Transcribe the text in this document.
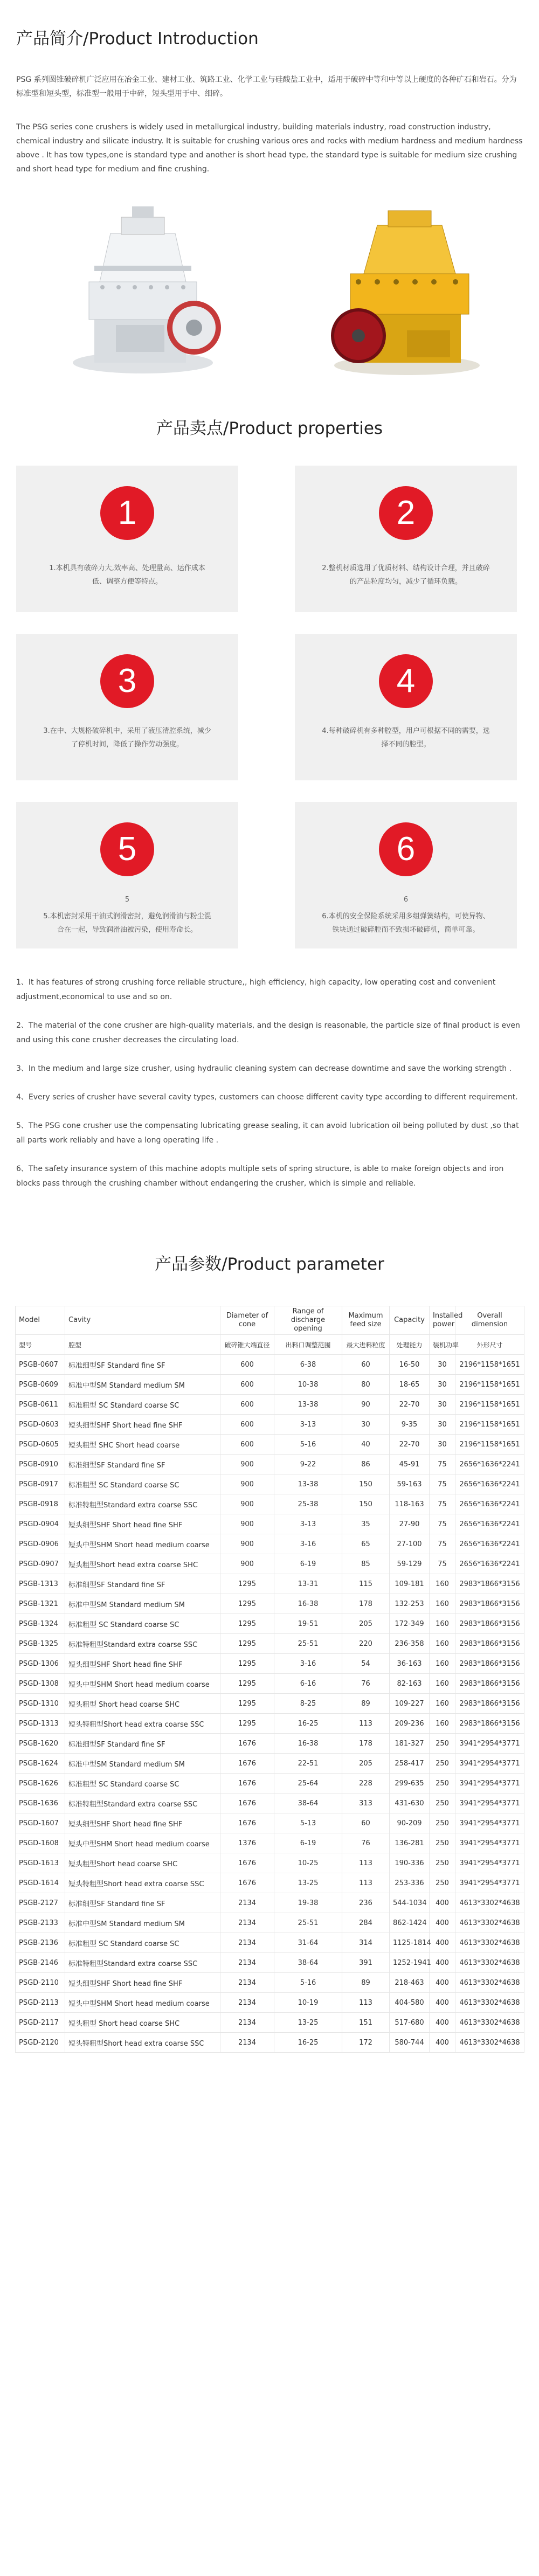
产品简介/Product Introduction

PSG 系列圆锥破碎机广泛应用在冶金工业、建材工业、筑路工业、化学工业与硅酸盐工业中，适用于破碎中等和中等以上硬度的各种矿石和岩石。分为标准型和短头型，标准型一般用于中碎，短头型用于中、细碎。

The PSG series cone crushers is widely used in metallurgical industry, building materials industry, road construction industry, chemical industry and silicate industry. It is suitable for crushing various ores and rocks with medium hardness and medium hardness above . It has tow types,one is standard type and another is short head type, the standard type is suitable for medium size crushing and short head type for medium and fine crushing.

产品卖点/Product properties
1
1.本机具有破碎力大,效率高、处理量高、运作成本低、调整方便等特点。
2
2.整机材质选用了优质材料、结构设计合理，并且破碎的产品粒度均匀，减少了循环负载。
3
3.在中、大规格破碎机中，采用了液压清腔系统，减少了停机时间，降低了操作劳动强度。
4
4.每种破碎机有多种腔型，用户可根据不同的需要，选择不同的腔型。
5
5
5.本机密封采用干油式润滑密封，避免润滑油与粉尘混合在一起，导致润滑油被污染，使用寿命长。
6
6
6.本机的安全保险系统采用多组弹簧结构，可使异物、铁块通过破碎腔而不致损坏破碎机，简单可靠。

1、It has features of strong crushing force reliable structure,, high efficiency, high capacity, low operating cost and convenient adjustment,economical to use and so on.

2、The material of the cone crusher are high-quality materials, and the design is reasonable, the particle size of final product is even and using this cone crusher decreases the circulating load.

3、In the medium and large size crusher, using hydraulic cleaning system can decrease downtime and save the working strength .

4、Every series of crusher have several cavity types, customers can choose different cavity type according to different requirement.

5、The PSG cone crusher use the compensating lubricating grease sealing, it can avoid lubrication oil being polluted by dust ,so that all parts work reliably and have a long operating life .

6、The safety insurance system of this machine adopts multiple sets of spring structure, is able to make foreign objects and iron blocks pass through the crushing chamber without endangering the crusher, which is simple and reliable.

产品参数/Product parameter
Model	Cavity	Diameter of cone	Range of discharge opening	Maximum feed size	Capacity	Installed power	Overall dimension
型号	腔型	破碎锥大端直径	出料口调整范围	最大进料粒度	处理能力	装机功率	外形尺寸
PSGB-0607	标准细型SF Standard fine SF	600	6-38	60	16-50	30	2196*1158*1651
PSGB-0609	标准中型SM Standard medium SM	600	10-38	80	18-65	30	2196*1158*1651
PSGB-0611	标准粗型 SC Standard coarse SC	600	13-38	90	22-70	30	2196*1158*1651
PSGD-0603	短头细型SHF Short head fine SHF	600	3-13	30	9-35	30	2196*1158*1651
PSGD-0605	短头粗型 SHC Short head coarse	600	5-16	40	22-70	30	2196*1158*1651
PSGB-0910	标准细型SF Standard fine SF	900	9-22	86	45-91	75	2656*1636*2241
PSGB-0917	标准粗型 SC Standard coarse SC	900	13-38	150	59-163	75	2656*1636*2241
PSGB-0918	标准特粗型Standard extra coarse SSC	900	25-38	150	118-163	75	2656*1636*2241
PSGD-0904	短头细型SHF Short head fine SHF	900	3-13	35	27-90	75	2656*1636*2241
PSGD-0906	短头中型SHM Short head medium coarse	900	3-16	65	27-100	75	2656*1636*2241
PSGD-0907	短头粗型Short head extra coarse SHC	900	6-19	85	59-129	75	2656*1636*2241
PSGB-1313	标准细型SF Standard fine SF	1295	13-31	115	109-181	160	2983*1866*3156
PSGB-1321	标准中型SM Standard medium SM	1295	16-38	178	132-253	160	2983*1866*3156
PSGB-1324	标准粗型 SC Standard coarse SC	1295	19-51	205	172-349	160	2983*1866*3156
PSGB-1325	标准特粗型Standard extra coarse SSC	1295	25-51	220	236-358	160	2983*1866*3156
PSGD-1306	短头细型SHF Short head fine SHF	1295	3-16	54	36-163	160	2983*1866*3156
PSGD-1308	短头中型SHM Short head medium coarse	1295	6-16	76	82-163	160	2983*1866*3156
PSGD-1310	短头粗型 Short head coarse SHC	1295	8-25	89	109-227	160	2983*1866*3156
PSGD-1313	短头特粗型Short head extra coarse SSC	1295	16-25	113	209-236	160	2983*1866*3156
PSGB-1620	标准细型SF Standard fine SF	1676	16-38	178	181-327	250	3941*2954*3771
PSGB-1624	标准中型SM Standard medium SM	1676	22-51	205	258-417	250	3941*2954*3771
PSGB-1626	标准粗型 SC Standard coarse SC	1676	25-64	228	299-635	250	3941*2954*3771
PSGB-1636	标准特粗型Standard extra coarse SSC	1676	38-64	313	431-630	250	3941*2954*3771
PSGD-1607	短头细型SHF Short head fine SHF	1676	5-13	60	90-209	250	3941*2954*3771
PSGD-1608	短头中型SHM Short head medium coarse	1376	6-19	76	136-281	250	3941*2954*3771
PSGD-1613	短头粗型Short head coarse SHC	1676	10-25	113	190-336	250	3941*2954*3771
PSGD-1614	短头特粗型Short head extra coarse SSC	1676	13-25	113	253-336	250	3941*2954*3771
PSGB-2127	标准细型SF Standard fine SF	2134	19-38	236	544-1034	400	4613*3302*4638
PSGB-2133	标准中型SM Standard medium SM	2134	25-51	284	862-1424	400	4613*3302*4638
PSGB-2136	标准粗型 SC Standard coarse SC	2134	31-64	314	1125-1814	400	4613*3302*4638
PSGB-2146	标准特粗型Standard extra coarse SSC	2134	38-64	391	1252-1941	400	4613*3302*4638
PSGD-2110	短头细型SHF Short head fine SHF	2134	5-16	89	218-463	400	4613*3302*4638
PSGD-2113	短头中型SHM Short head medium coarse	2134	10-19	113	404-580	400	4613*3302*4638
PSGD-2117	短头粗型 Short head coarse SHC	2134	13-25	151	517-680	400	4613*3302*4638
PSGD-2120	短头特粗型Short head extra coarse SSC	2134	16-25	172	580-744	400	4613*3302*4638
